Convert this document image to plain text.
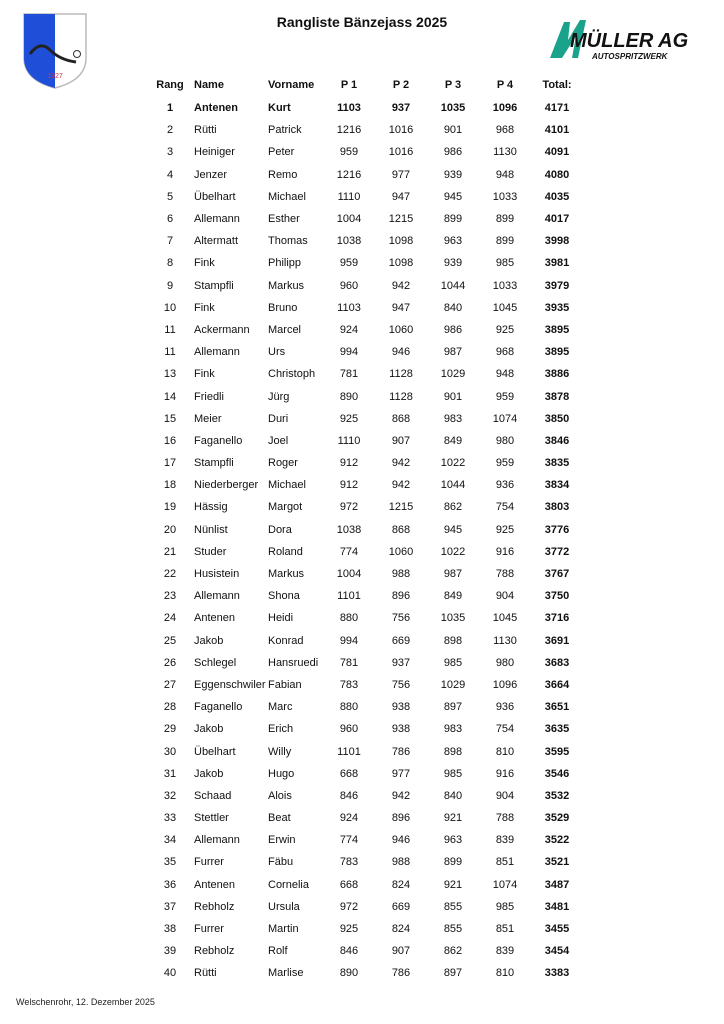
1927
Rangliste Bänzejass 2025
MÜLLER AG
AUTOSPRITZWERK
Rang	Name	Vorname	P 1	P 2	P 3	P 4	Total:
1	Antenen	Kurt	1103	937	1035	1096	4171
2	Rütti	Patrick	1216	1016	901	968	4101
3	Heiniger	Peter	959	1016	986	1130	4091
4	Jenzer	Remo	1216	977	939	948	4080
5	Übelhart	Michael	1110	947	945	1033	4035
6	Allemann	Esther	1004	1215	899	899	4017
7	Altermatt	Thomas	1038	1098	963	899	3998
8	Fink	Philipp	959	1098	939	985	3981
9	Stampfli	Markus	960	942	1044	1033	3979
10	Fink	Bruno	1103	947	840	1045	3935
11	Ackermann	Marcel	924	1060	986	925	3895
11	Allemann	Urs	994	946	987	968	3895
13	Fink	Christoph	781	1128	1029	948	3886
14	Friedli	Jürg	890	1128	901	959	3878
15	Meier	Duri	925	868	983	1074	3850
16	Faganello	Joel	1110	907	849	980	3846
17	Stampfli	Roger	912	942	1022	959	3835
18	Niederberger	Michael	912	942	1044	936	3834
19	Hässig	Margot	972	1215	862	754	3803
20	Nünlist	Dora	1038	868	945	925	3776
21	Studer	Roland	774	1060	1022	916	3772
22	Husistein	Markus	1004	988	987	788	3767
23	Allemann	Shona	1101	896	849	904	3750
24	Antenen	Heidi	880	756	1035	1045	3716
25	Jakob	Konrad	994	669	898	1130	3691
26	Schlegel	Hansruedi	781	937	985	980	3683
27	Eggenschwiler	Fabian	783	756	1029	1096	3664
28	Faganello	Marc	880	938	897	936	3651
29	Jakob	Erich	960	938	983	754	3635
30	Übelhart	Willy	1101	786	898	810	3595
31	Jakob	Hugo	668	977	985	916	3546
32	Schaad	Alois	846	942	840	904	3532
33	Stettler	Beat	924	896	921	788	3529
34	Allemann	Erwin	774	946	963	839	3522
35	Furrer	Fäbu	783	988	899	851	3521
36	Antenen	Cornelia	668	824	921	1074	3487
37	Rebholz	Ursula	972	669	855	985	3481
38	Furrer	Martin	925	824	855	851	3455
39	Rebholz	Rolf	846	907	862	839	3454
40	Rütti	Marlise	890	786	897	810	3383
Welschenrohr, 12. Dezember 2025
